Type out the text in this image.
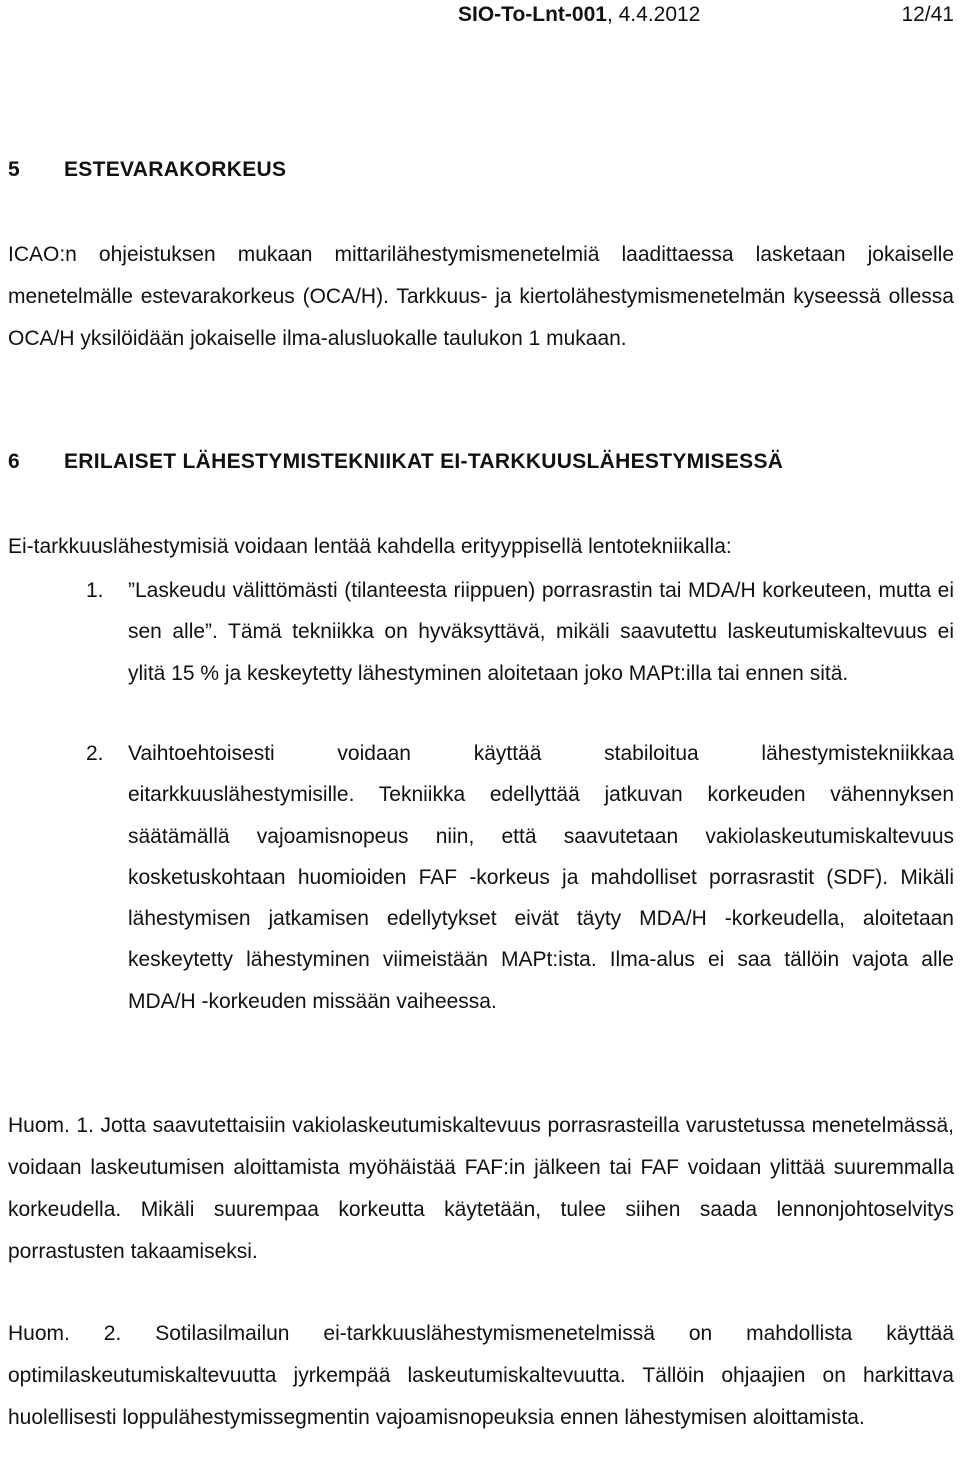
SIO-To-Lnt-001, 4.4.2012	12/41
5 ESTEVARAKORKEUS
ICAO:n ohjeistuksen mukaan mittarilähestymismenetelmiä laadittaessa lasketaan jokaiselle menetelmälle estevarakorkeus (OCA/H). Tarkkuus- ja kiertolähestymismenetelmän kyseessä ollessa OCA/H yksilöidään jokaiselle ilma-alusluokalle taulukon 1 mukaan.
6 ERILAISET LÄHESTYMISTEKNIIKAT EI-TARKKUUSLÄHESTYMISESSÄ
Ei-tarkkuuslähestymisiä voidaan lentää kahdella erityyppisellä lentotekniikalla:
1. ”Laskeudu välittömästi (tilanteesta riippuen) porrasrastin tai MDA/H korkeuteen, mutta ei sen alle”. Tämä tekniikka on hyväksyttävä, mikäli saavutettu laskeutumiskaltevuus ei ylitä 15 % ja keskeytetty lähestyminen aloitetaan joko MAPt:illa tai ennen sitä.
2. Vaihtoehtoisesti voidaan käyttää stabiloitua lähestymistekniikkaa eitarkkuuslähestymisille. Tekniikka edellyttää jatkuvan korkeuden vähennyksen säätämällä vajoamisnopeus niin, että saavutetaan vakiolaskeutumiskaltevuus kosketuskohtaan huomioiden FAF -korkeus ja mahdolliset porrasrastit (SDF). Mikäli lähestymisen jatkamisen edellytykset eivät täyty MDA/H -korkeudella, aloitetaan keskeytetty lähestyminen viimeistään MAPt:ista. Ilma-alus ei saa tällöin vajota alle MDA/H -korkeuden missään vaiheessa.
Huom. 1. Jotta saavutettaisiin vakiolaskeutumiskaltevuus porrasrasteilla varustetussa menetelmässä, voidaan laskeutumisen aloittamista myöhäistää FAF:in jälkeen tai FAF voidaan ylittää suuremmalla korkeudella. Mikäli suurempaa korkeutta käytetään, tulee siihen saada lennonjohtoselvitys porrastusten takaamiseksi.
Huom. 2. Sotilasilmailun ei-tarkkuuslähestymismenetelmissä on mahdollista käyttää optimilaskeutumiskaltevuutta jyrkempää laskeutumiskaltevuutta. Tällöin ohjaajien on harkittava huolellisesti loppulähestymissegmentin vajoamisnopeuksia ennen lähestymisen aloittamista.
